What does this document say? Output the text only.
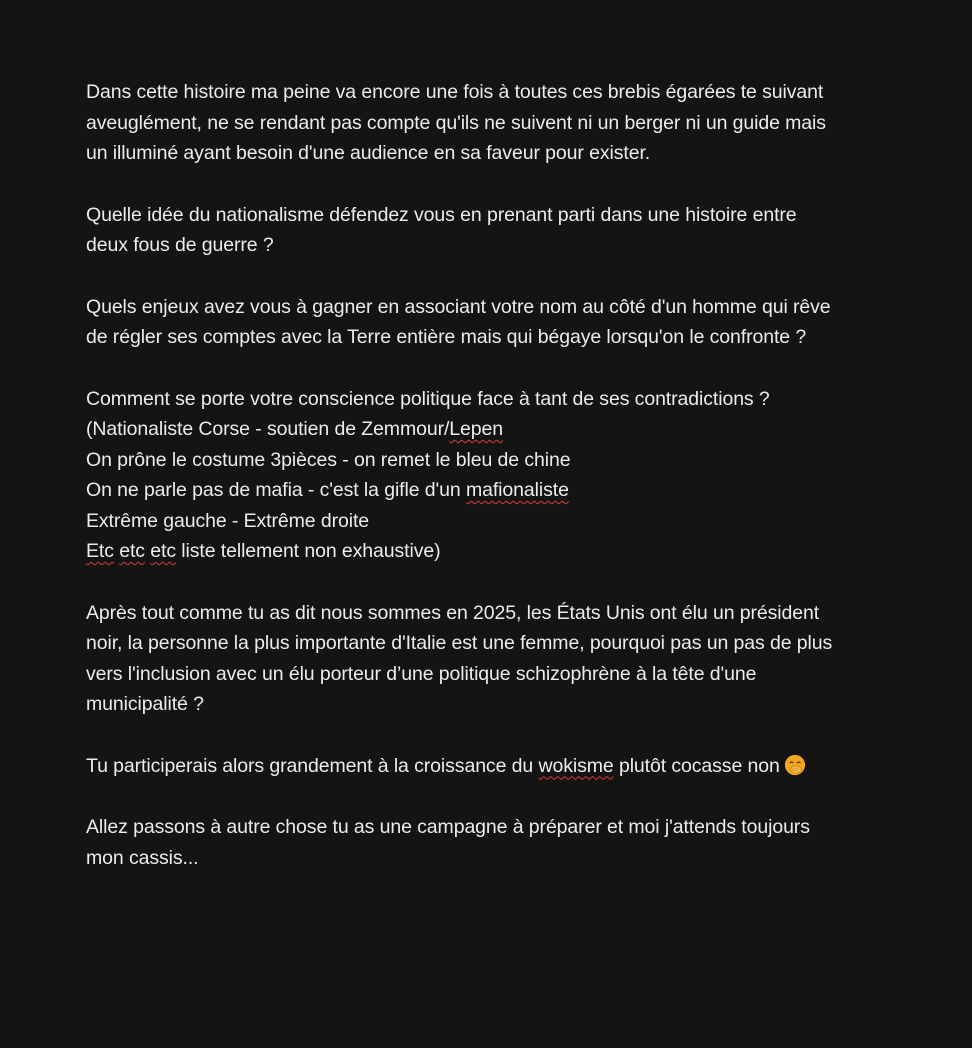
Dans cette histoire ma peine va encore une fois à toutes ces brebis égarées te suivant
aveuglément, ne se rendant pas compte qu'ils ne suivent ni un berger ni un guide mais
un illuminé ayant besoin d'une audience en sa faveur pour exister.

Quelle idée du nationalisme défendez vous en prenant parti dans une histoire entre
deux fous de guerre ?

Quels enjeux avez vous à gagner en associant votre nom au côté d'un homme qui rêve
de régler ses comptes avec la Terre entière mais qui bégaye lorsqu'on le confronte ?

Comment se porte votre conscience politique face à tant de ses contradictions ?
(Nationaliste Corse - soutien de Zemmour/Lepen
On prône le costume 3pièces - on remet le bleu de chine
On ne parle pas de mafia - c'est la gifle d'un mafionaliste
Extrême gauche - Extrême droite
Etc etc etc liste tellement non exhaustive)

Après tout comme tu as dit nous sommes en 2025, les États Unis ont élu un président
noir, la personne la plus importante d'Italie est une femme, pourquoi pas un pas de plus
vers l'inclusion avec un élu porteur d’une politique schizophrène à la tête d'une
municipalité ?

Tu participerais alors grandement à la croissance du wokisme plutôt cocasse non

Allez passons à autre chose tu as une campagne à préparer et moi j'attends toujours
mon cassis...
